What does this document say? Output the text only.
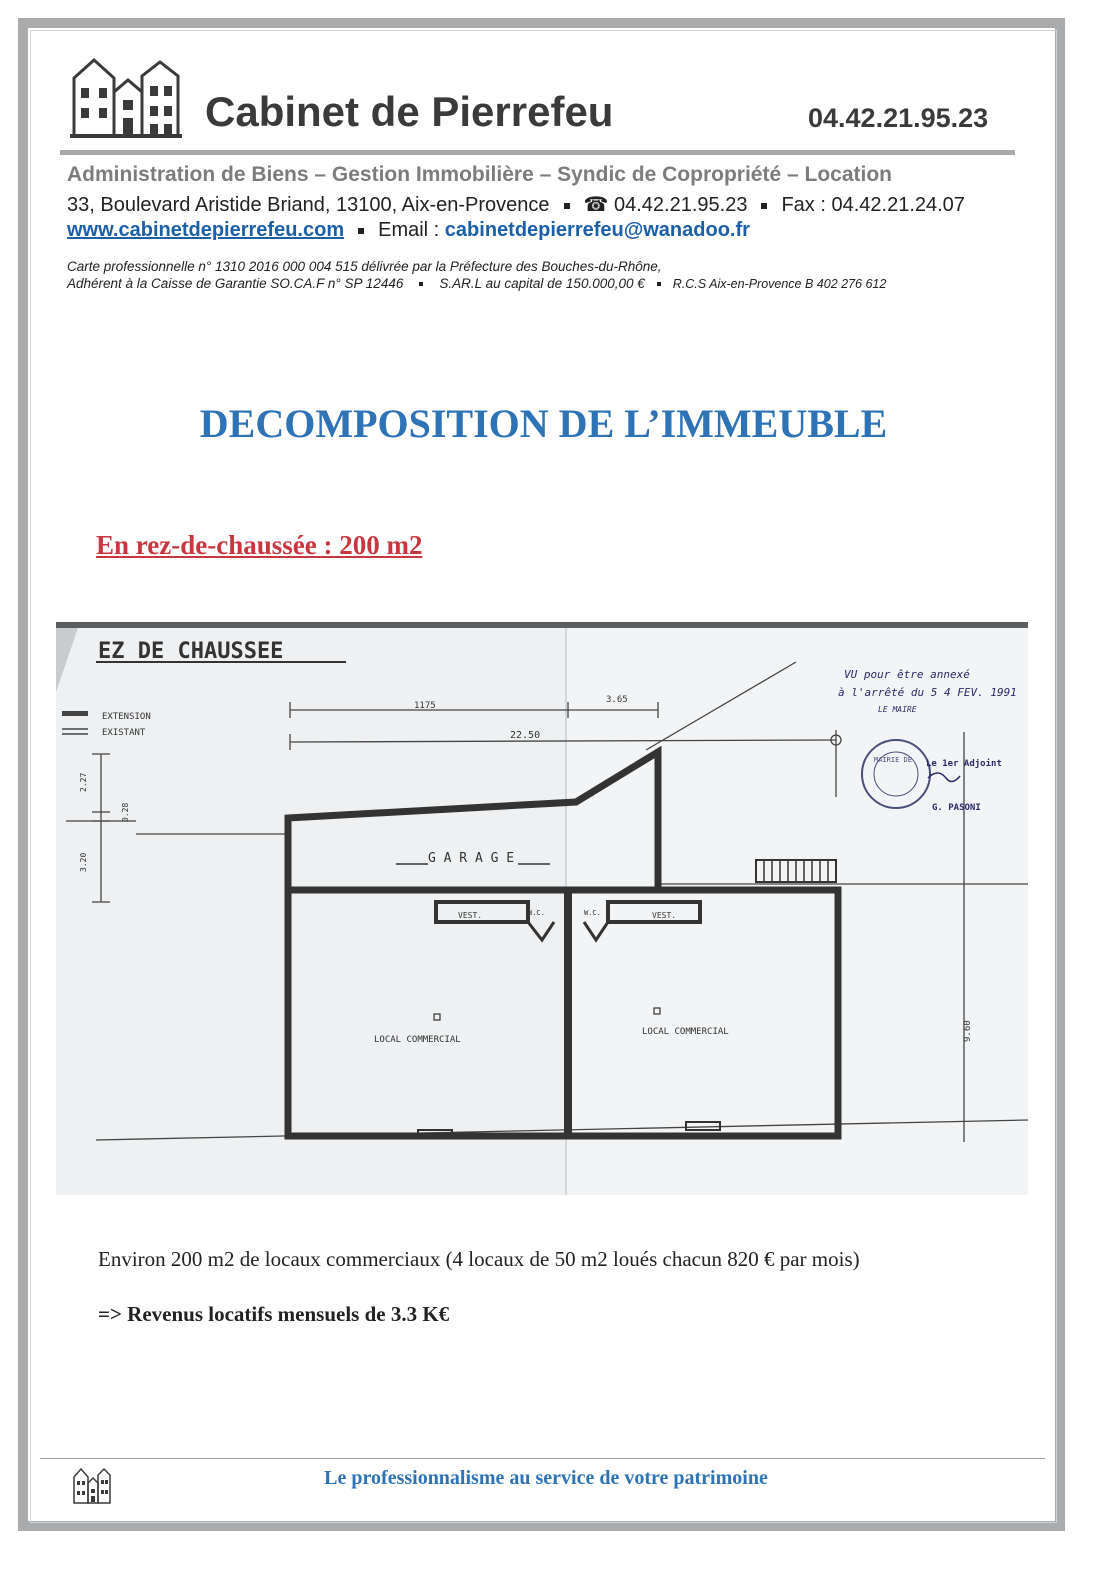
Cabinet de Pierrefeu	04.42.21.95.23
Administration de Biens – Gestion Immobilière – Syndic de Copropriété – Location
33, Boulevard Aristide Briand, 13100, Aix-en-Provence ☎ 04.42.21.95.23 Fax : 04.42.21.24.07
www.cabinetdepierrefeu.com Email : cabinetdepierrefeu@wanadoo.fr
Carte professionnelle n° 1310 2016 000 004 515 délivrée par la Préfecture des Bouches-du-Rhône,
Adhérent à la Caisse de Garantie SO.CA.F n° SP 12446	S.AR.L au capital de 150.000,00 € R.C.S Aix-en-Provence B 402 276 612
DECOMPOSITION DE L’IMMEUBLE
En rez-de-chaussée : 200 m2
EZ DE CHAUSSEE
EXTENSION
EXISTANT
1175
3.65
22.50
2.27
0.28
3.20
9.60
G A R A G E
VEST.	W.C.	W.C.	VEST.
LOCAL COMMERCIAL
LOCAL COMMERCIAL
VU pour être annexé
à l'arrêté du 5 4 FEV. 1991
LE MAIRE
MAIRIE DE Le 1er Adjoint
G. PASONI
Environ 200 m2 de locaux commerciaux (4 locaux de 50 m2 loués chacun 820 € par mois)
=> Revenus locatifs mensuels de 3.3 K€
Le professionnalisme au service de votre patrimoine
